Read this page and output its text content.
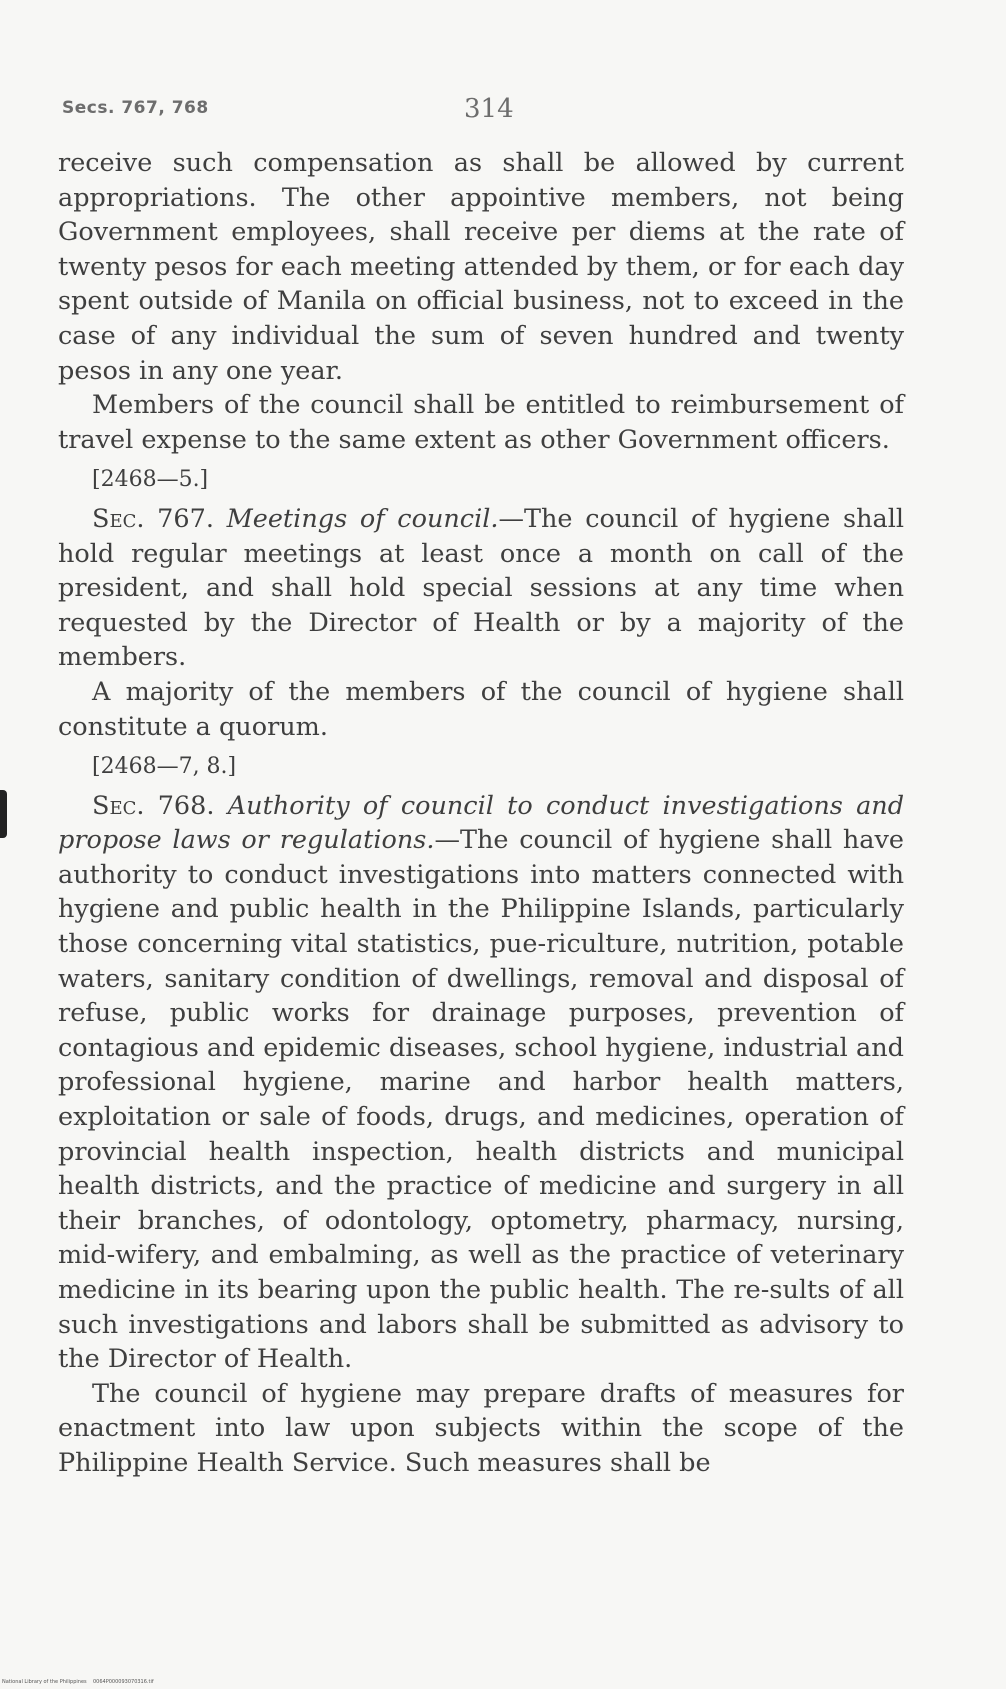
Secs. 767, 768	314

receive such compensation as shall be allowed by current appropriations. The other appointive members, not being Government employees, shall receive per diems at the rate of twenty pesos for each meeting attended by them, or for each day spent outside of Manila on official business, not to exceed in the case of any individual the sum of seven hundred and twenty pesos in any one year.

Members of the council shall be entitled to reimbursement of travel expense to the same extent as other Government officers.

[2468—5.]

Sec. 767. Meetings of council.—The council of hygiene shall hold regular meetings at least once a month on call of the president, and shall hold special sessions at any time when requested by the Director of Health or by a majority of the members.

A majority of the members of the council of hygiene shall constitute a quorum.

[2468—7, 8.]

Sec. 768. Authority of council to conduct investigations and propose laws or regulations.—The council of hygiene shall have authority to conduct investigations into matters connected with hygiene and public health in the Philippine Islands, particularly those concerning vital statistics, pue-riculture, nutrition, potable waters, sanitary condition of dwellings, removal and disposal of refuse, public works for drainage purposes, prevention of contagious and epidemic diseases, school hygiene, industrial and professional hygiene, marine and harbor health matters, exploitation or sale of foods, drugs, and medicines, operation of provincial health inspection, health districts and municipal health districts, and the practice of medicine and surgery in all their branches, of odontology, optometry, pharmacy, nursing, mid-wifery, and embalming, as well as the practice of veterinary medicine in its bearing upon the public health. The re-sults of all such investigations and labors shall be submitted as advisory to the Director of Health.

The council of hygiene may prepare drafts of measures for enactment into law upon subjects within the scope of the Philippine Health Service. Such measures shall be

National Library of the Philippines 0064P000093070316.tif
